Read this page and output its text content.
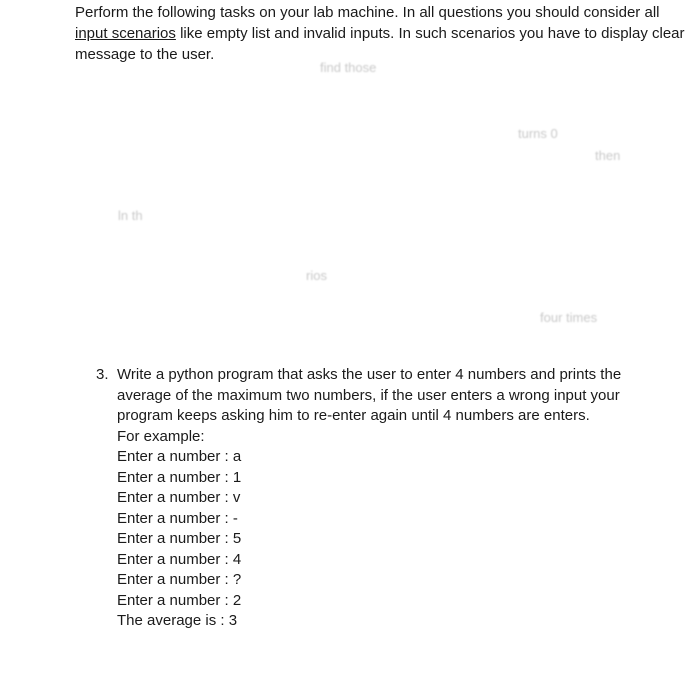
Perform the following tasks on your lab machine. In all questions you should consider all input scenarios like empty list and invalid inputs. In such scenarios you have to display clear message to the user.
find those
turns 0
then
ln th
rios
four times
3. Write a python program that asks the user to enter 4 numbers and prints the average of the maximum two numbers, if the user enters a wrong input your program keeps asking him to re-enter again until 4 numbers are enters.
For example:
Enter a number : a
Enter a number : 1
Enter a number : v
Enter a number : -
Enter a number : 5
Enter a number : 4
Enter a number : ?
Enter a number : 2
The average is : 3
